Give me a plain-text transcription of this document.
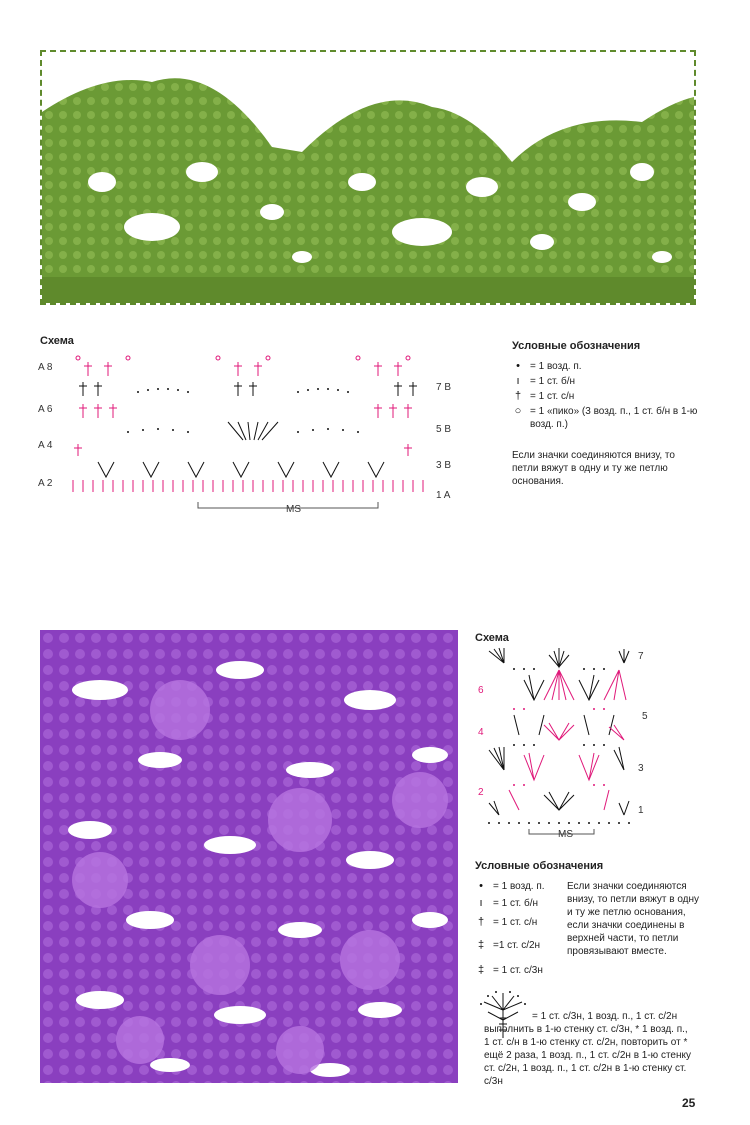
Схема
A 8
A 6
A 4
A 2
7 B
5 B
3 B
1 A
MS
Условные обозначения
•	= 1 возд. п.
ı	= 1 ст. б/н
† = 1 ст. с/н
○ = 1 «пико» (3 возд. п., 1 ст. б/н в 1-ю возд. п.)
Если значки соединяются внизу, то петли вяжут в одну и ту же петлю основания.
Схема
6
4
2
7
5
3
1
MS
Условные обозначения
•	= 1 возд. п.
ı	= 1 ст. б/н
† = 1 ст. с/н
‡ =1 ст. с/2н
‡ = 1 ст. с/3н
Если значки соединяются внизу, то петли вяжут в одну и ту же петлю основания, если значки соединены в верхней части, то петли провязывают вместе.
= 1 ст. с/3н, 1 возд. п., 1 ст. с/2н выполнить в 1-ю стенку ст. с/3н, * 1 возд. п., 1 ст. с/н в 1-ю стенку ст. с/2н, повторить от * ещё 2 раза, 1 возд. п., 1 ст. с/2н в 1-ю стенку ст. с/2н, 1 возд. п., 1 ст. с/2н в 1-ю стенку ст. с/3н
25
